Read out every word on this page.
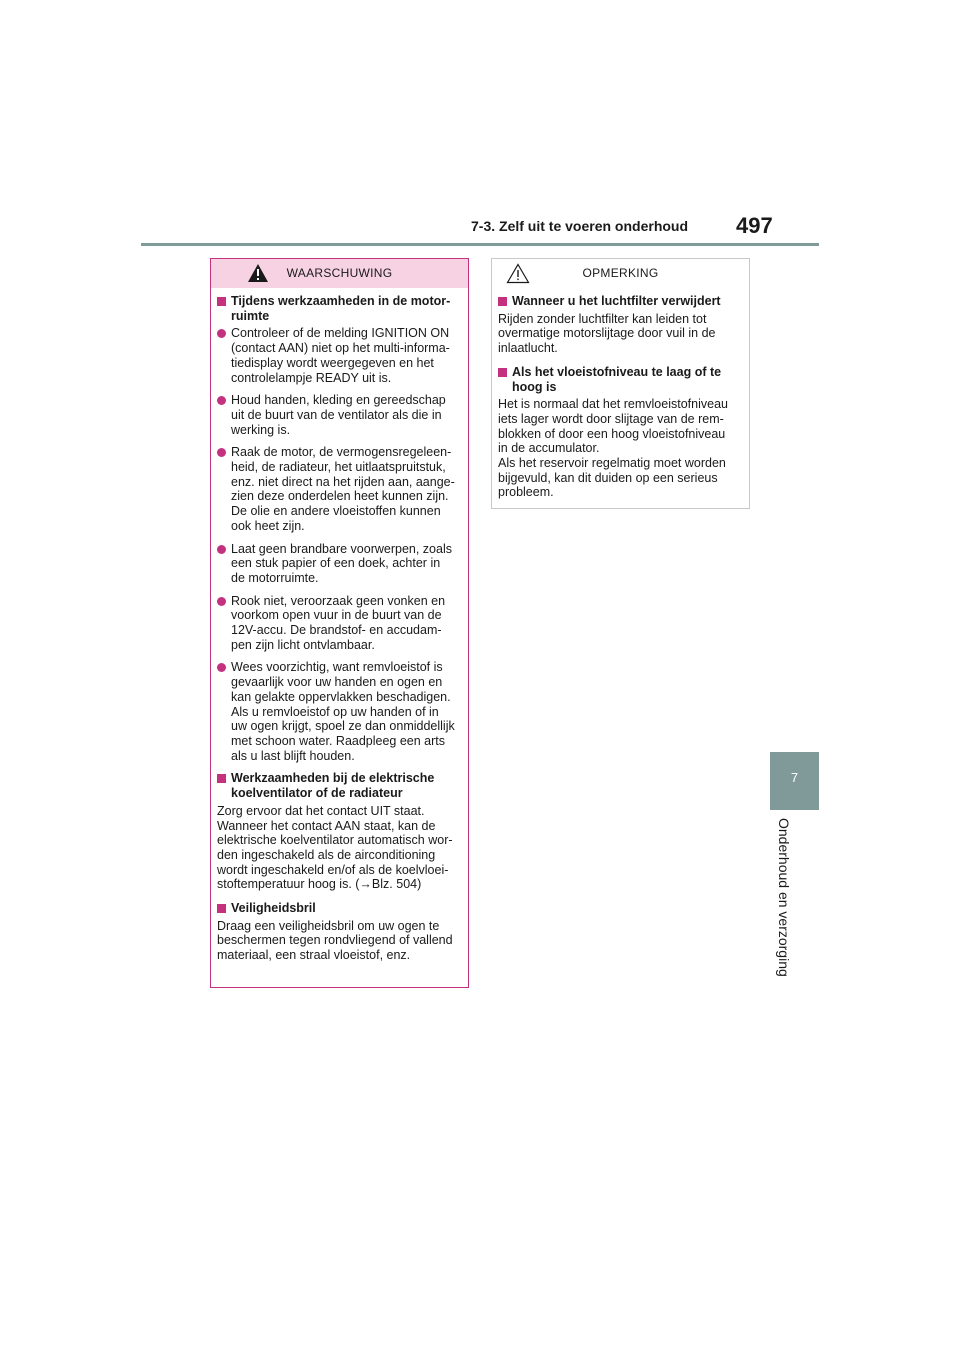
7-3. Zelf uit te voeren onderhoud 497
7
Onderhoud en verzorging
WAARSCHUWING
Tijdens werkzaamheden in de motor-
ruimte
Controleer of de melding IGNITION ON
(contact AAN) niet op het multi-informa-
tiedisplay wordt weergegeven en het
controlelampje READY uit is.
Houd handen, kleding en gereedschap
uit de buurt van de ventilator als die in
werking is.
Raak de motor, de vermogensregeleen-
heid, de radiateur, het uitlaatspruitstuk,
enz. niet direct na het rijden aan, aange-
zien deze onderdelen heet kunnen zijn.
De olie en andere vloeistoffen kunnen
ook heet zijn.
Laat geen brandbare voorwerpen, zoals
een stuk papier of een doek, achter in
de motorruimte.
Rook niet, veroorzaak geen vonken en
voorkom open vuur in de buurt van de
12V-accu. De brandstof- en accudam-
pen zijn licht ontvlambaar.
Wees voorzichtig, want remvloeistof is
gevaarlijk voor uw handen en ogen en
kan gelakte oppervlakken beschadigen.
Als u remvloeistof op uw handen of in
uw ogen krijgt, spoel ze dan onmiddellijk
met schoon water. Raadpleeg een arts
als u last blijft houden.
Werkzaamheden bij de elektrische
koelventilator of de radiateur
Zorg ervoor dat het contact UIT staat.
Wanneer het contact AAN staat, kan de
elektrische koelventilator automatisch wor-
den ingeschakeld als de airconditioning
wordt ingeschakeld en/of als de koelvloei-
stoftemperatuur hoog is. (→Blz. 504)
Veiligheidsbril
Draag een veiligheidsbril om uw ogen te
beschermen tegen rondvliegend of vallend
materiaal, een straal vloeistof, enz.
OPMERKING
Wanneer u het luchtfilter verwijdert
Rijden zonder luchtfilter kan leiden tot
overmatige motorslijtage door vuil in de
inlaatlucht.
Als het vloeistofniveau te laag of te
hoog is
Het is normaal dat het remvloeistofniveau
iets lager wordt door slijtage van de rem-
blokken of door een hoog vloeistofniveau
in de accumulator.
Als het reservoir regelmatig moet worden
bijgevuld, kan dit duiden op een serieus
probleem.
